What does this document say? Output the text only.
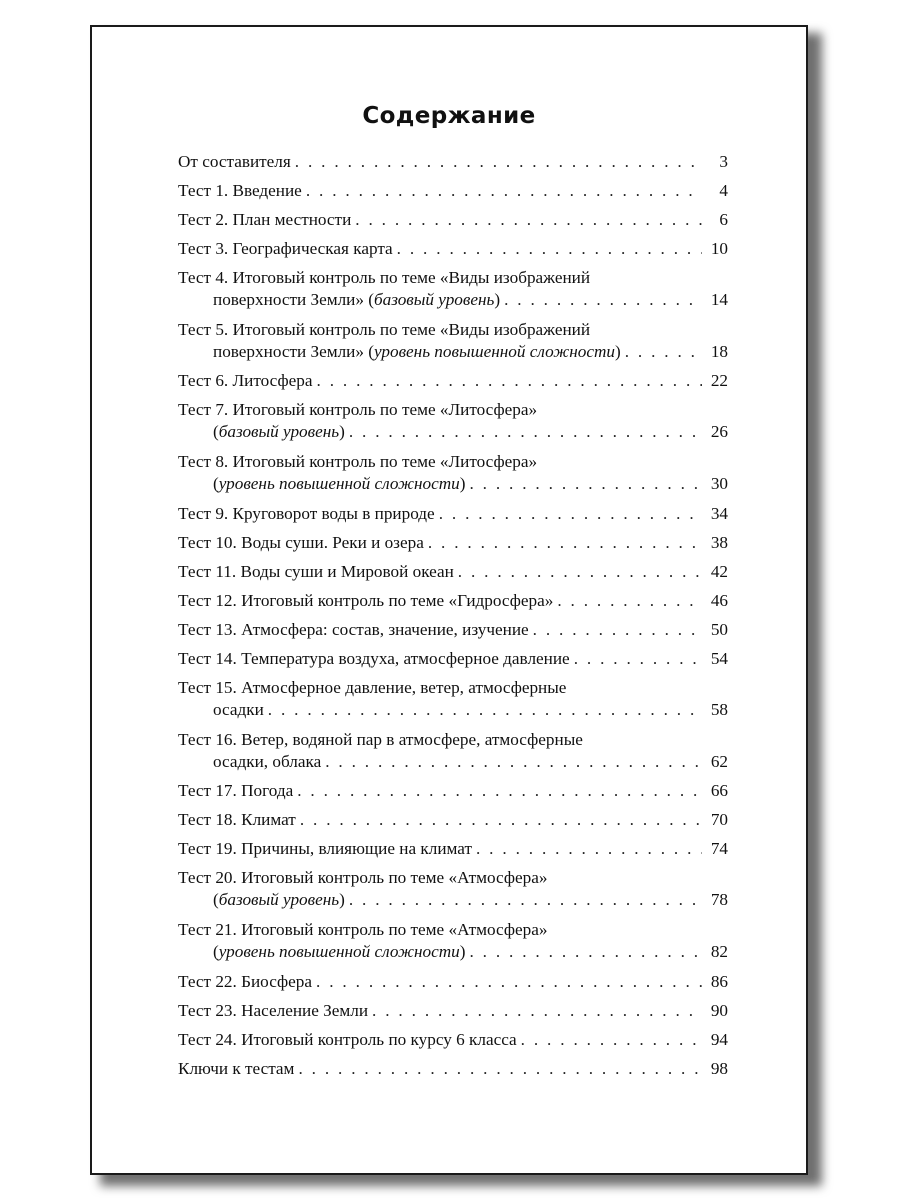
Содержание
От составителя . . .	3
Тест 1. Введение . . .	4
Тест 2. План местности . . .	6
Тест 3. Географическая карта . . .	10
Тест 4. Итоговый контроль по теме «Виды изображений
поверхности Земли» (базовый уровень) . . .	14
Тест 5. Итоговый контроль по теме «Виды изображений
поверхности Земли» (уровень повышенной сложности) . . .	18
Тест 6. Литосфера . . .	22
Тест 7. Итоговый контроль по теме «Литосфера»
(базовый уровень) . . .	26
Тест 8. Итоговый контроль по теме «Литосфера»
(уровень повышенной сложности) . . .	30
Тест 9. Круговорот воды в природе . . .	34
Тест 10. Воды суши. Реки и озера . . .	38
Тест 11. Воды суши и Мировой океан . . .	42
Тест 12. Итоговый контроль по теме «Гидросфера» . . .	46
Тест 13. Атмосфера: состав, значение, изучение . . .	50
Тест 14. Температура воздуха, атмосферное давление . . .	54
Тест 15. Атмосферное давление, ветер, атмосферные
осадки . . .	58
Тест 16. Ветер, водяной пар в атмосфере, атмосферные
осадки, облака . . .	62
Тест 17. Погода . . .	66
Тест 18. Климат . . .	70
Тест 19. Причины, влияющие на климат . . .	74
Тест 20. Итоговый контроль по теме «Атмосфера»
(базовый уровень) . . .	78
Тест 21. Итоговый контроль по теме «Атмосфера»
(уровень повышенной сложности) . . .	82
Тест 22. Биосфера . . .	86
Тест 23. Население Земли . . .	90
Тест 24. Итоговый контроль по курсу 6 класса . . .	94
Ключи к тестам . . .	98
